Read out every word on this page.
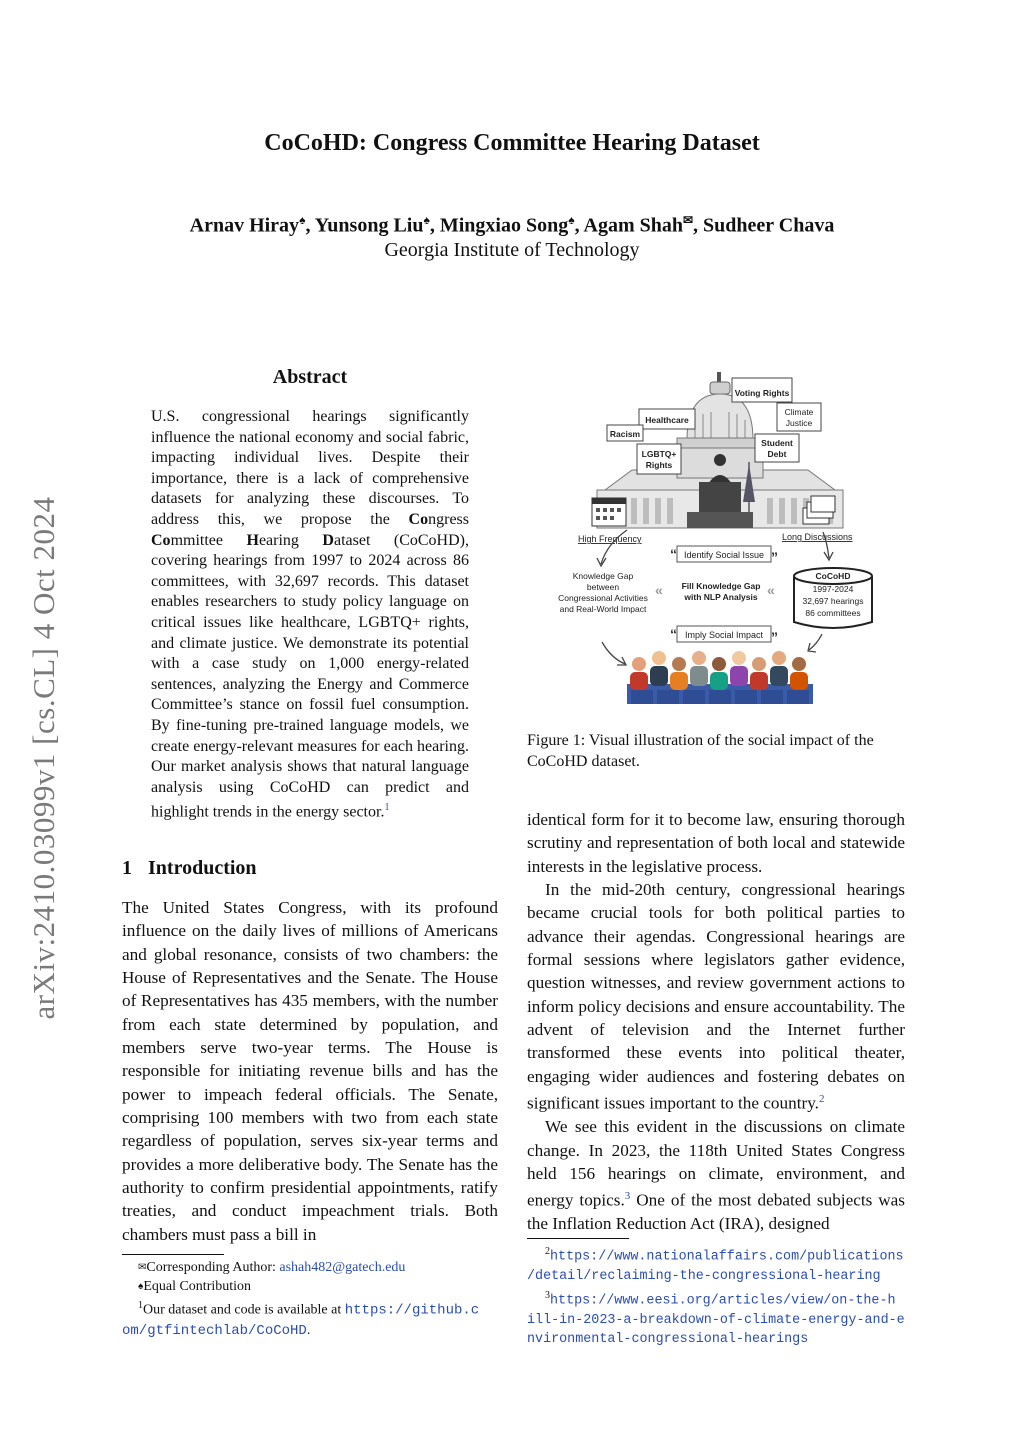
CoCoHD: Congress Committee Hearing Dataset
Arnav Hiray♠, Yunsong Liu♠, Mingxiao Song♠, Agam Shah✉, Sudheer Chava
Georgia Institute of Technology
arXiv:2410.03099v1 [cs.CL] 4 Oct 2024
Abstract
U.S. congressional hearings significantly influence the national economy and social fabric, impacting individual lives. Despite their importance, there is a lack of comprehensive datasets for analyzing these discourses. To address this, we propose the Congress Committee Hearing Dataset (CoCoHD), covering hearings from 1997 to 2024 across 86 committees, with 32,697 records. This dataset enables researchers to study policy language on critical issues like healthcare, LGBTQ+ rights, and climate justice. We demonstrate its potential with a case study on 1,000 energy-related sentences, analyzing the Energy and Commerce Committee’s stance on fossil fuel consumption. By fine-tuning pre-trained language models, we create energy-relevant measures for each hearing. Our market analysis shows that natural language analysis using CoCoHD can predict and highlight trends in the energy sector.$^1$
1 Introduction

The United States Congress, with its profound influence on the daily lives of millions of Americans and global resonance, consists of two chambers: the House of Representatives and the Senate. The House of Representatives has 435 members, with the number from each state determined by population, and members serve two-year terms. The House is responsible for initiating revenue bills and has the power to impeach federal officials. The Senate, comprising 100 members with two from each state regardless of population, serves six-year terms and provides a more deliberative body. The Senate has the authority to confirm presidential appointments, ratify treaties, and conduct impeachment trials. Both chambers must pass a bill in

✉Corresponding Author: ashah482@gatech.edu
♠Equal Contribution
$^1$Our dataset and code is available at https://github.c
om/gtfintechlab/CoCoHD.
Voting Rights
Healthcare
Climate
Justice
Racism
Student
Debt
LGBTQ+
Rights
High Frequency	Long Discussions
“	”
Identify Social Issue
Knowledge Gap
between
Congressional Activities
and Real-World Impact
«	«
Fill Knowledge Gap
with NLP Analysis
CoCoHD
1997-2024
32,697 hearings
86 committees
“	”
Imply Social Impact
Figure 1: Visual illustration of the social impact of the CoCoHD dataset.

identical form for it to become law, ensuring thorough scrutiny and representation of both local and statewide interests in the legislative process.

In the mid-20th century, congressional hearings became crucial tools for both political parties to advance their agendas. Congressional hearings are formal sessions where legislators gather evidence, question witnesses, and review government actions to inform policy decisions and ensure accountability. The advent of television and the Internet further transformed these events into political theater, engaging wider audiences and fostering debates on significant issues important to the country.$^2$

We see this evident in the discussions on climate change. In 2023, the 118th United States Congress held 156 hearings on climate, environment, and energy topics.$^3$ One of the most debated subjects was the Inflation Reduction Act (IRA), designed

$^2$https://www.nationalaffairs.com/publications
/detail/reclaiming-the-congressional-hearing
$^3$https://www.eesi.org/articles/view/on-the-h
ill-in-2023-a-breakdown-of-climate-energy-and-e
nvironmental-congressional-hearings
